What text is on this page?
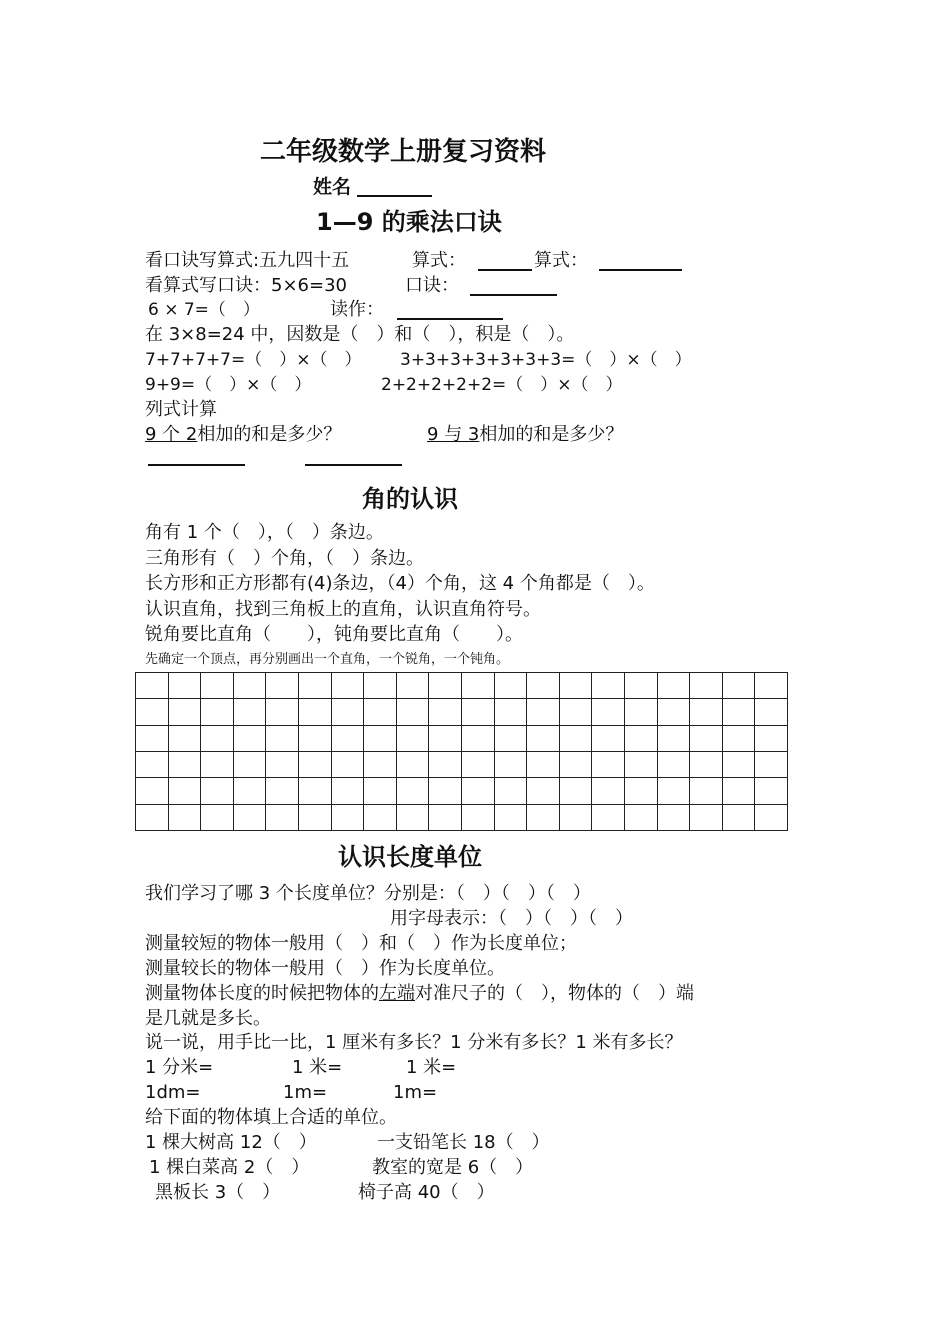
二年级数学上册复习资料
姓名
1—9 的乘法口诀
看口诀写算式:五九四十五	算式：	算式：
看算式写口诀：5×6=30	口诀：
6 × 7=（　）	读作：
在 3×8=24 中，因数是（　）和（　），积是（　）。
7+7+7+7=（　）×（　） 3+3+3+3+3+3+3=（　）×（　）
9+9=（　）×（　）	2+2+2+2+2=（　）×（　）
列式计算
9 个 2相加的和是多少？	9 与 3相加的和是多少？
角的认识
角有 1 个（　），（　）条边。
三角形有（　）个角，（　）条边。
长方形和正方形都有(4)条边，（4）个角，这 4 个角都是（　）。
认识直角，找到三角板上的直角，认识直角符号。
锐角要比直角（　　），钝角要比直角（　　）。
先确定一个顶点，再分别画出一个直角，一个锐角，一个钝角。

认识长度单位
我们学习了哪 3 个长度单位？分别是：（　）（　）（　）
用字母表示：（　）（　）（　）
测量较短的物体一般用（　）和（　）作为长度单位；
测量较长的物体一般用（　）作为长度单位。
测量物体长度的时候把物体的左端对准尺子的（　），物体的（　）端
是几就是多长。
说一说，用手比一比，1 厘米有多长？1 分米有多长？1 米有多长？
1 分米=	1 米=	1 米=
1dm=	1m=	1m=
给下面的物体填上合适的单位。
1 棵大树高 12（　）	一支铅笔长 18（　）
1 棵白菜高 2（　）	教室的宽是 6（　）
黑板长 3（　）	椅子高 40（　）
